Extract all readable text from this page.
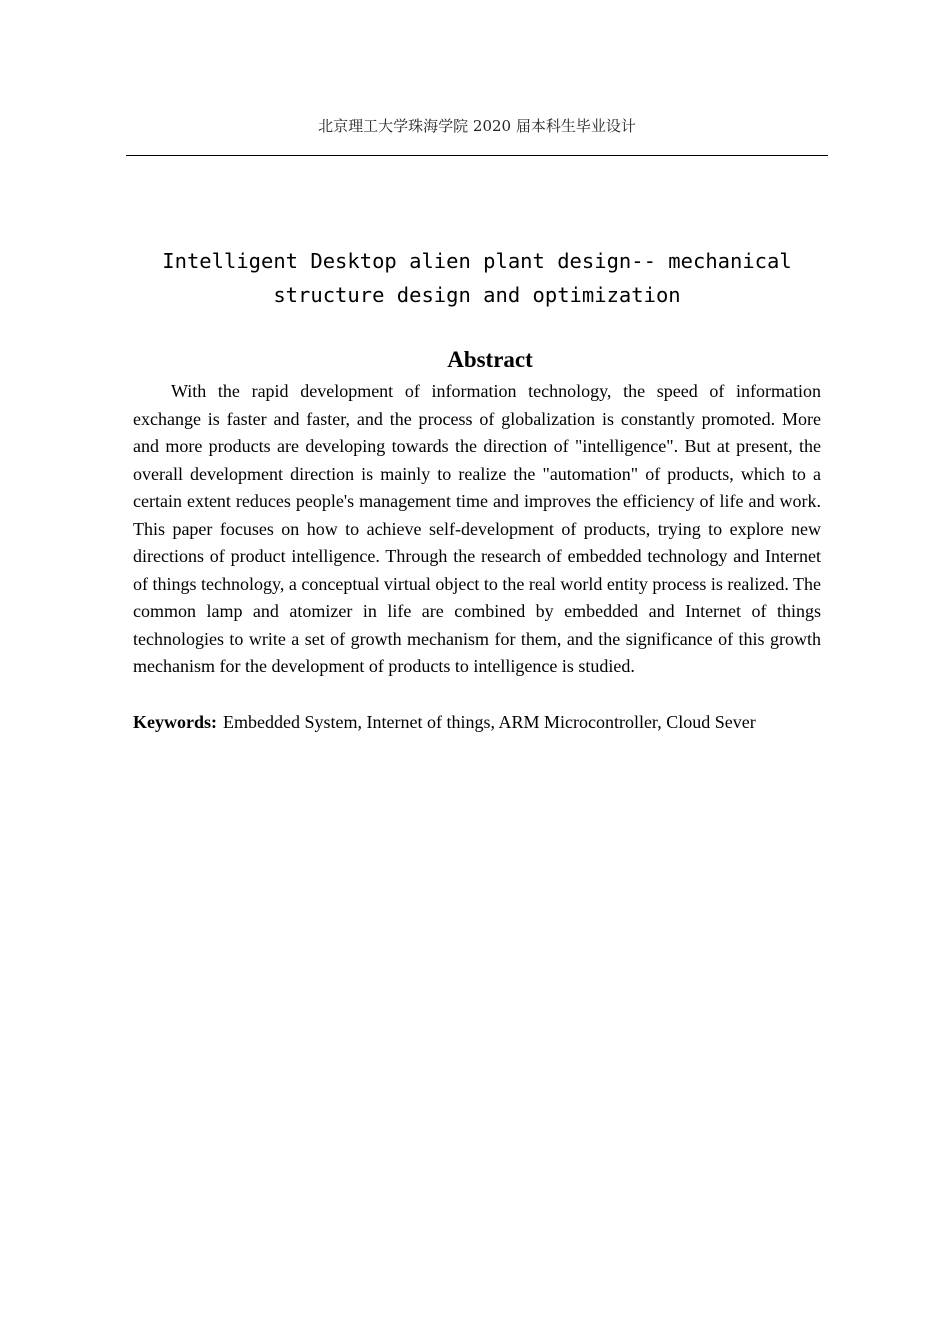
北京理工大学珠海学院 2020 届本科生毕业设计
Intelligent Desktop alien plant design-- mechanical
structure design and optimization
Abstract

With the rapid development of information technology, the speed of information exchange is faster and faster, and the process of globalization is constantly promoted. More and more products are developing towards the direction of "intelligence". But at present, the overall development direction is mainly to realize the "automation" of products, which to a certain extent reduces people's management time and improves the efficiency of life and work. This paper focuses on how to achieve self-development of products, trying to explore new directions of product intelligence. Through the research of embedded technology and Internet of things technology, a conceptual virtual object to the real world entity process is realized. The common lamp and atomizer in life are combined by embedded and Internet of things technologies to write a set of growth mechanism for them, and the significance of this growth mechanism for the development of products to intelligence is studied.

Keywords: Embedded System, Internet of things, ARM Microcontroller, Cloud Sever
